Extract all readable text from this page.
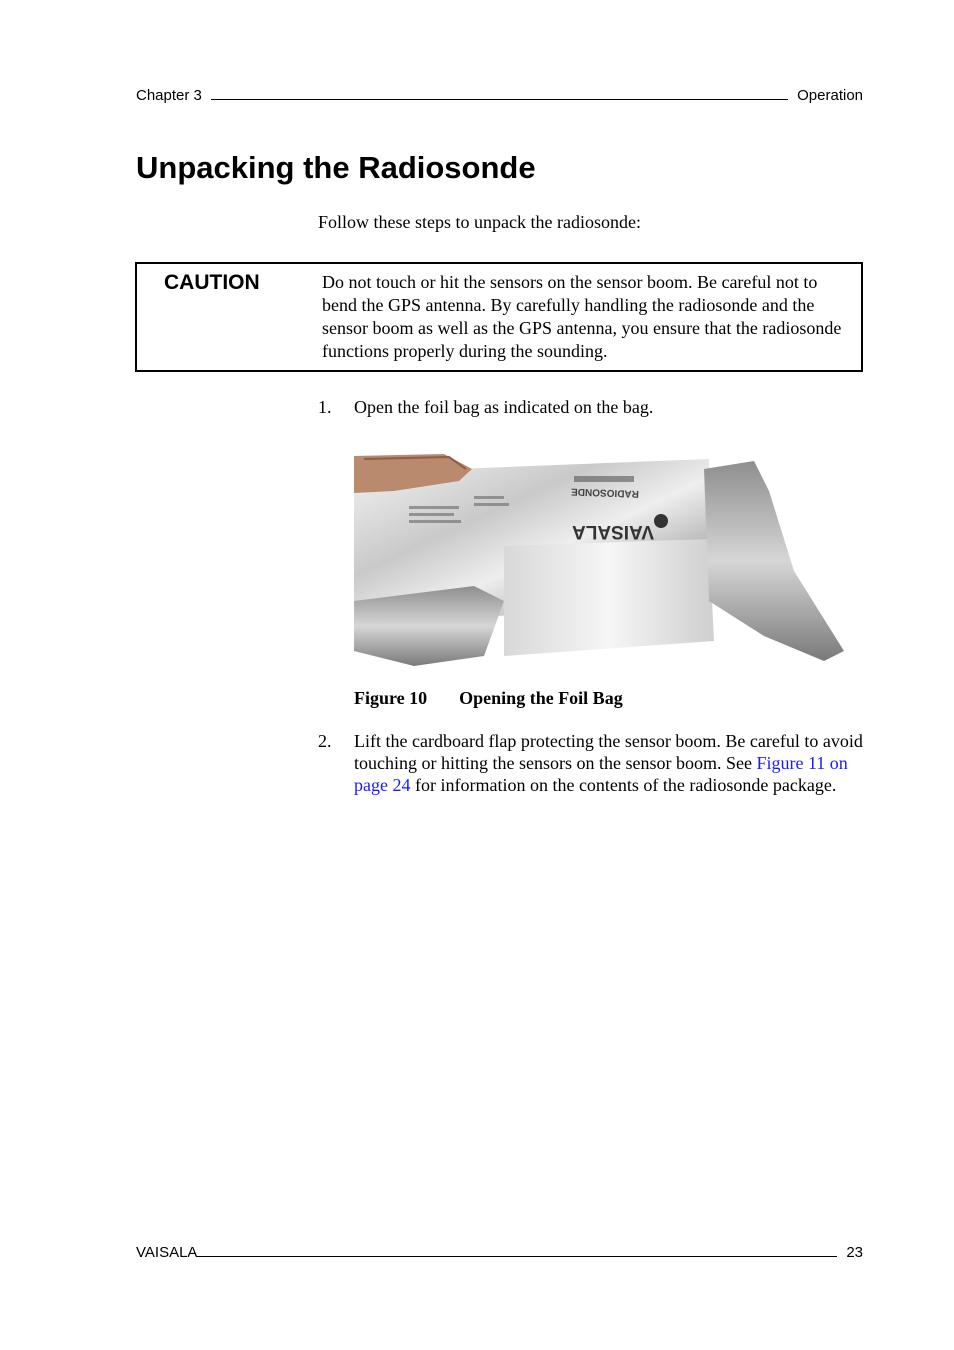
Chapter 3	Operation
Unpacking the Radiosonde
Follow these steps to unpack the radiosonde:
CAUTION	Do not touch or hit the sensors on the sensor boom. Be careful not to bend the GPS antenna. By carefully handling the radiosonde and the sensor boom as well as the GPS antenna, you ensure that the radiosonde functions properly during the sounding.
1. Open the foil bag as indicated on the bag.
VAISALA
RADIOSONDE
Figure 10 Opening the Foil Bag
2. Lift the cardboard flap protecting the sensor boom. Be careful to avoid touching or hitting the sensors on the sensor boom. See Figure 11 on page 24 for information on the contents of the radiosonde package.
VAISALA	23
